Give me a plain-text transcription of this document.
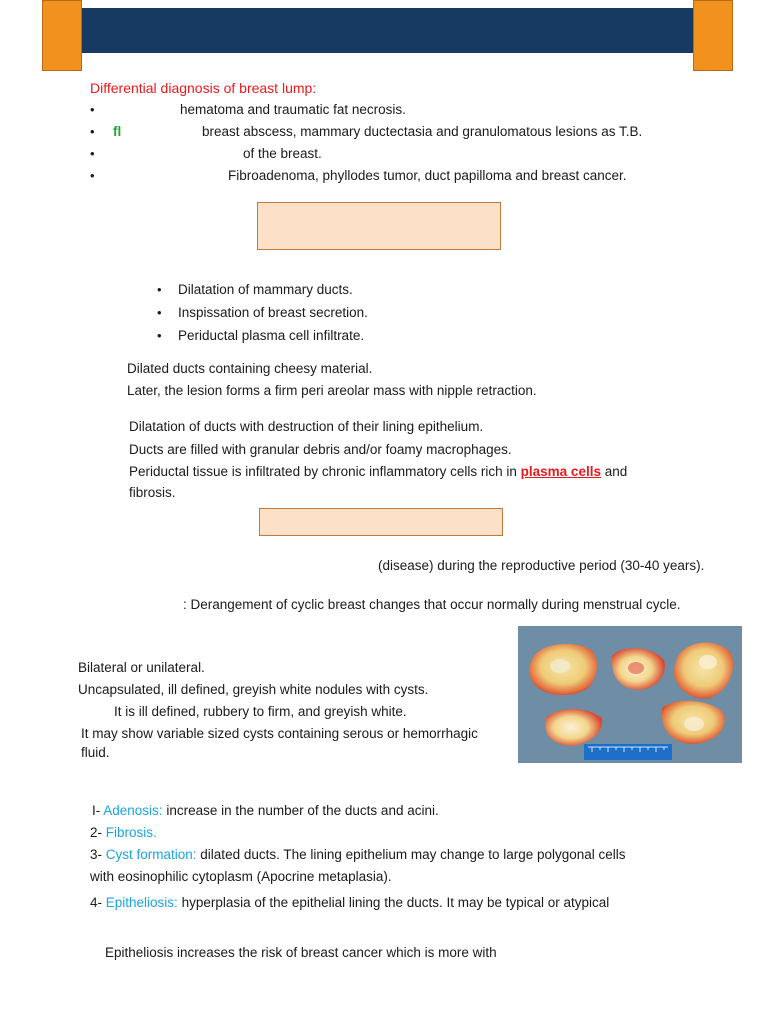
Differential diagnosis of breast lump:
•	hematoma and traumatic fat necrosis.
• fl	breast abscess, mammary ductectasia and granulomatous lesions as T.B.
•	of the breast.
•	Fibroadenoma, phyllodes tumor, duct papilloma and breast cancer.
• Dilatation of mammary ducts.
• Inspissation of breast secretion.
• Periductal plasma cell infiltrate.
Dilated ducts containing cheesy material.
Later, the lesion forms a firm peri areolar mass with nipple retraction.
Dilatation of ducts with destruction of their lining epithelium.
Ducts are filled with granular debris and/or foamy macrophages.
Periductal tissue is infiltrated by chronic inflammatory cells rich in plasma cells and
fibrosis.
(disease) during the reproductive period (30-40 years).
: Derangement of cyclic breast changes that occur normally during menstrual cycle.
Bilateral or unilateral.
Uncapsulated, ill defined, greyish white nodules with cysts.
It is ill defined, rubbery to firm, and greyish white.
It may show variable sized cysts containing serous or hemorrhagic
fluid.
I- Adenosis: increase in the number of the ducts and acini.
2- Fibrosis.
3- Cyst formation: dilated ducts. The lining epithelium may change to large polygonal cells
with eosinophilic cytoplasm (Apocrine metaplasia).
4- Epitheliosis: hyperplasia of the epithelial lining the ducts. It may be typical or atypical
Epitheliosis increases the risk of breast cancer which is more with
